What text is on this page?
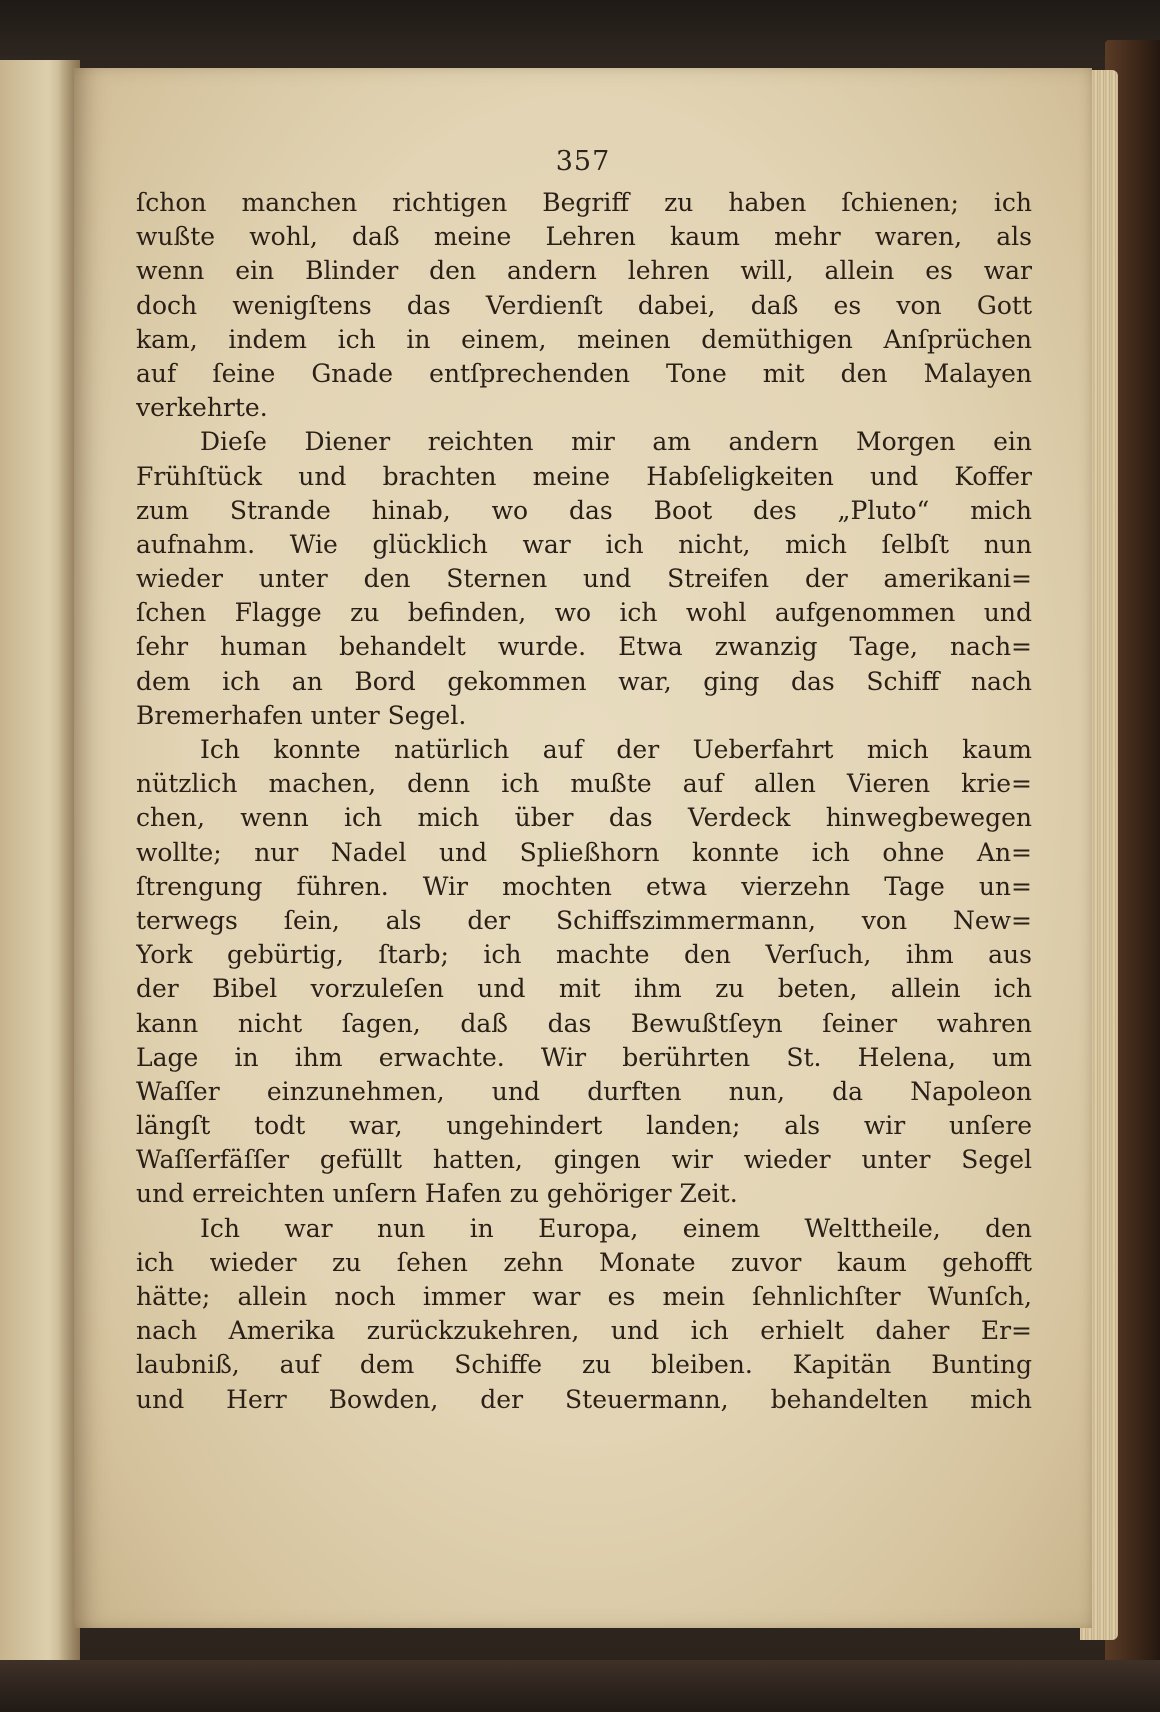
357
ſchon manchen richtigen Begriff zu haben ſchienen; ich
wußte wohl, daß meine Lehren kaum mehr waren, als
wenn ein Blinder den andern lehren will, allein es war
doch wenigſtens das Verdienſt dabei, daß es von Gott
kam, indem ich in einem, meinen demüthigen Anſprüchen
auf ſeine Gnade entſprechenden Tone mit den Malayen
verkehrte.
Dieſe Diener reichten mir am andern Morgen ein
Frühſtück und brachten meine Habſeligkeiten und Koffer
zum Strande hinab, wo das Boot des „Pluto“ mich
aufnahm. Wie glücklich war ich nicht, mich ſelbſt nun
wieder unter den Sternen und Streifen der amerikani=
ſchen Flagge zu befinden, wo ich wohl aufgenommen und
ſehr human behandelt wurde. Etwa zwanzig Tage, nach=
dem ich an Bord gekommen war, ging das Schiff nach
Bremerhafen unter Segel.
Ich konnte natürlich auf der Ueberfahrt mich kaum
nützlich machen, denn ich mußte auf allen Vieren krie=
chen, wenn ich mich über das Verdeck hinwegbewegen
wollte; nur Nadel und Spließhorn konnte ich ohne An=
ſtrengung führen. Wir mochten etwa vierzehn Tage un=
terwegs ſein, als der Schiffszimmermann, von New=
York gebürtig, ſtarb; ich machte den Verſuch, ihm aus
der Bibel vorzuleſen und mit ihm zu beten, allein ich
kann nicht ſagen, daß das Bewußtſeyn ſeiner wahren
Lage in ihm erwachte. Wir berührten St. Helena, um
Waſſer einzunehmen, und durften nun, da Napoleon
längſt todt war, ungehindert landen; als wir unſere
Waſſerfäſſer gefüllt hatten, gingen wir wieder unter Segel
und erreichten unſern Hafen zu gehöriger Zeit.
Ich war nun in Europa, einem Welttheile, den
ich wieder zu ſehen zehn Monate zuvor kaum gehofft
hätte; allein noch immer war es mein ſehnlichſter Wunſch,
nach Amerika zurückzukehren, und ich erhielt daher Er=
laubniß, auf dem Schiffe zu bleiben. Kapitän Bunting
und Herr Bowden, der Steuermann, behandelten mich
